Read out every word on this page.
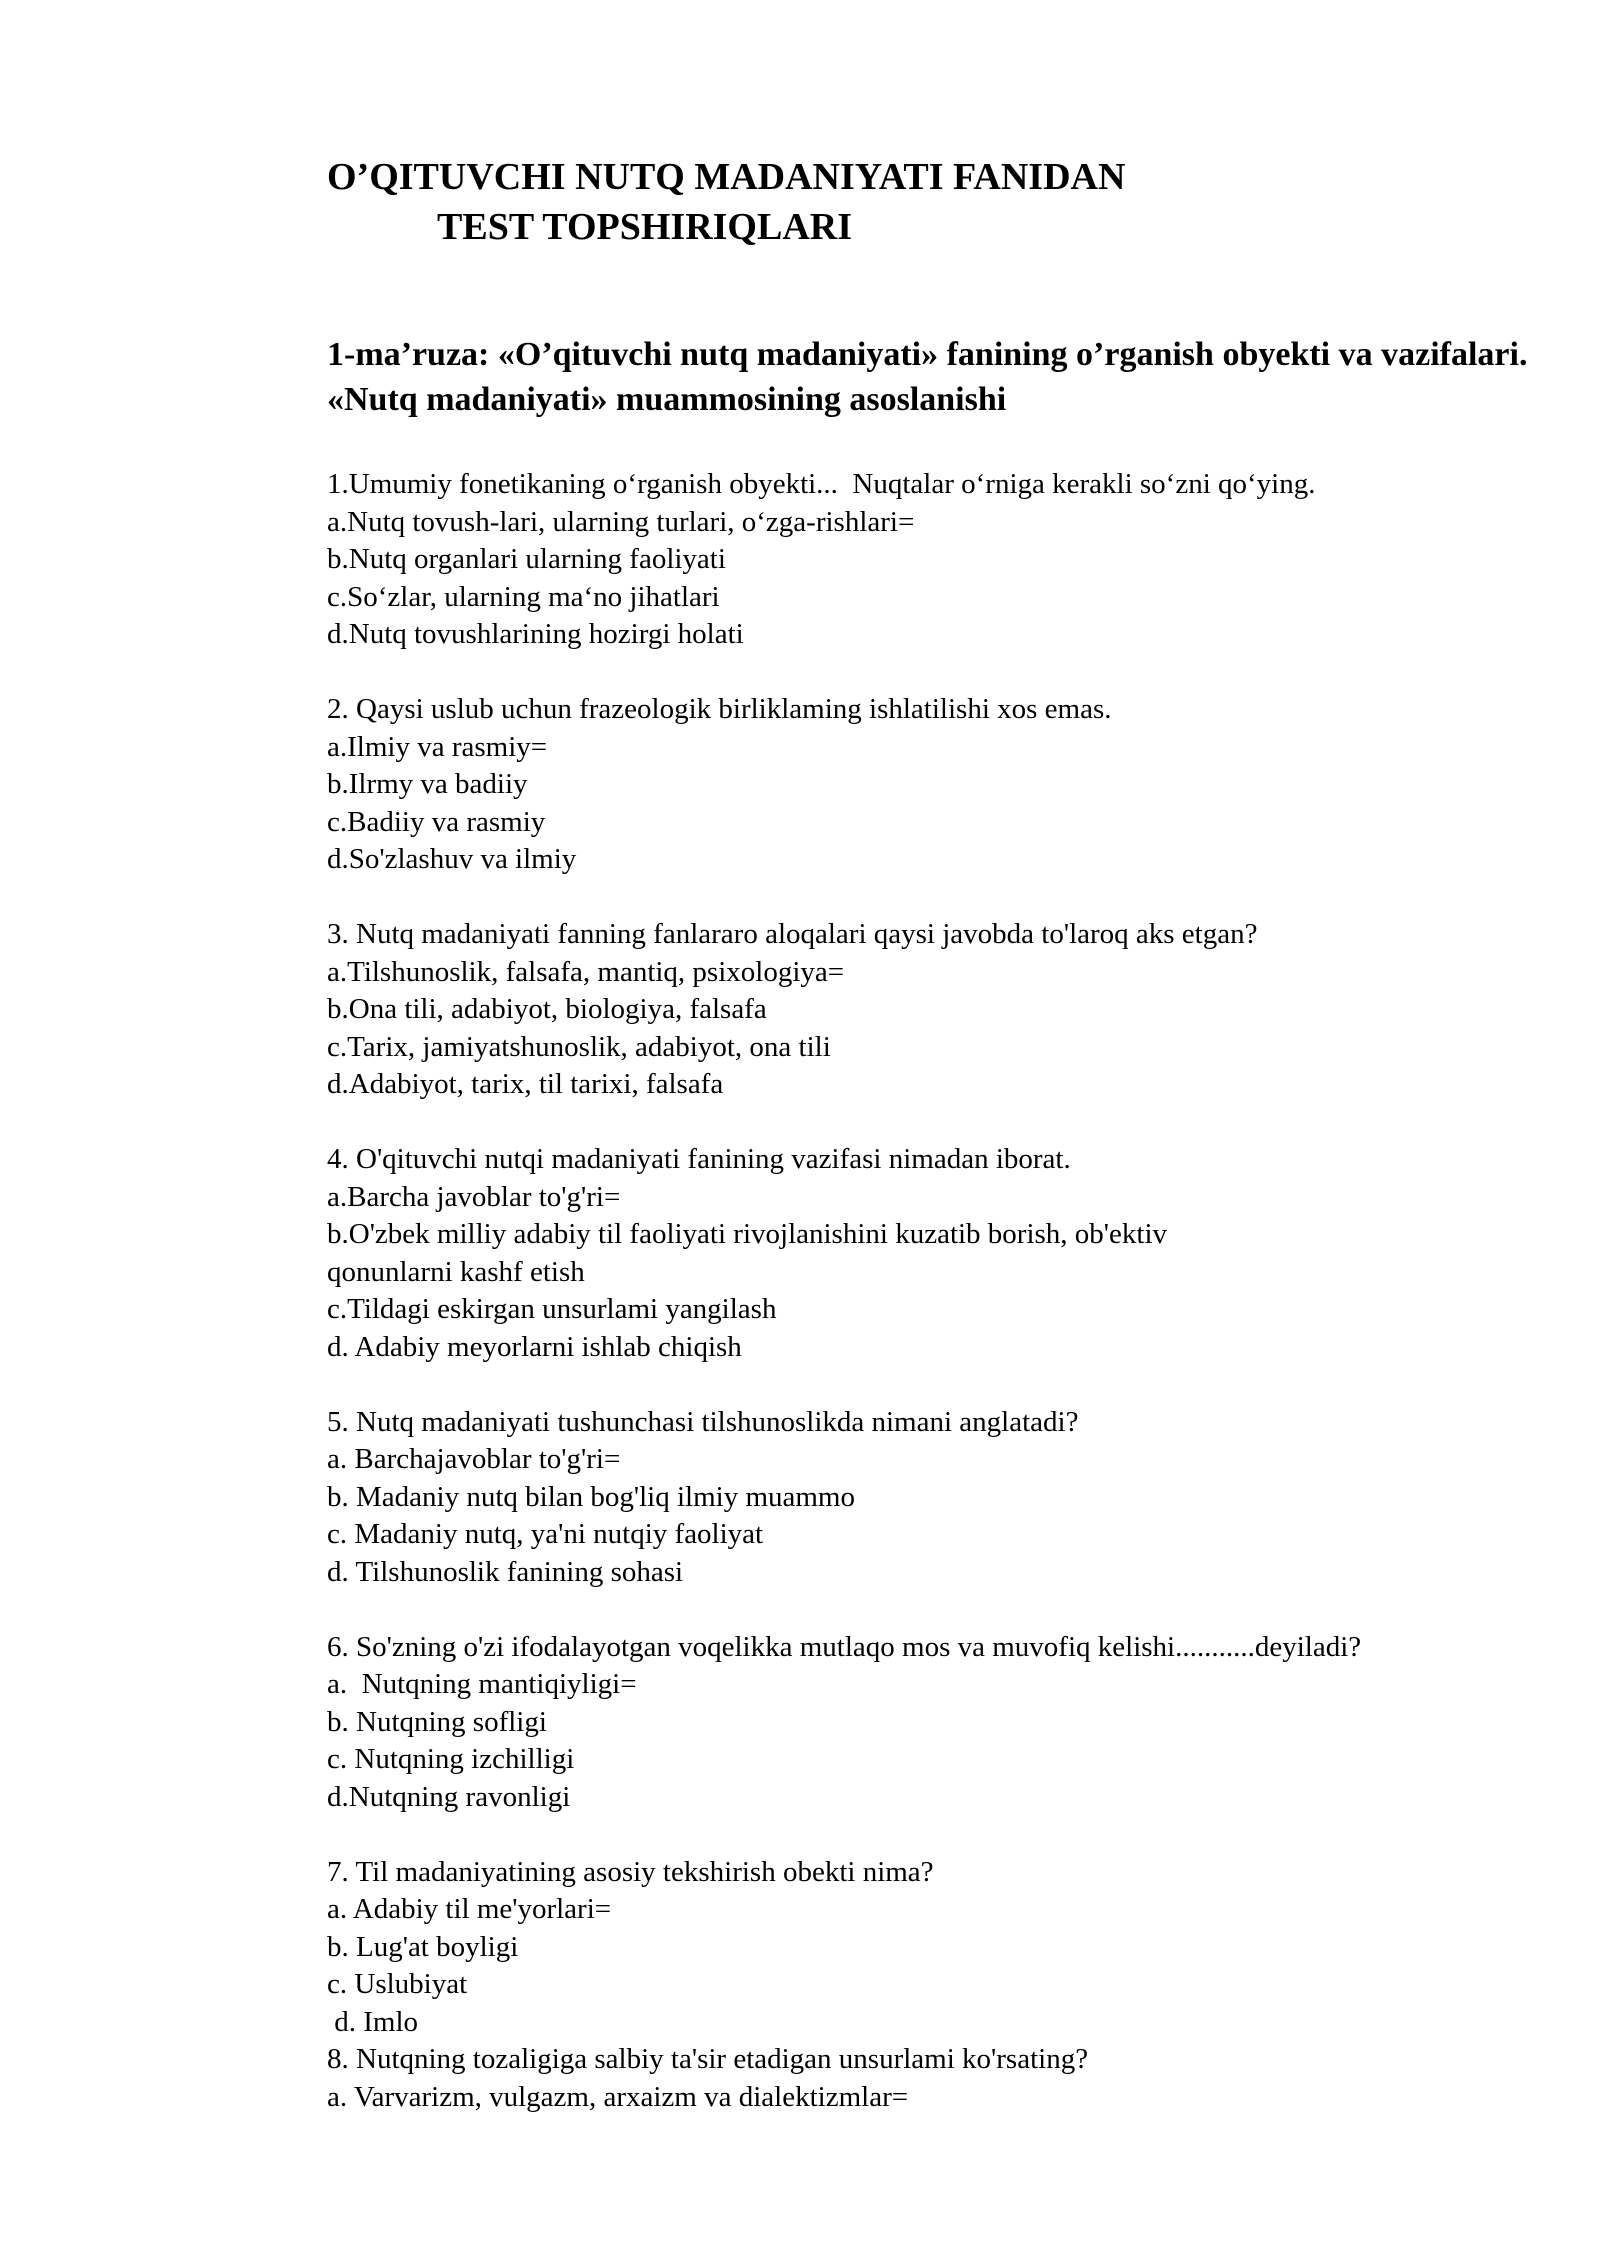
O’QITUVCHI NUTQ MADANIYATI FANIDAN
TEST TOPSHIRIQLARI
1-ma’ruza: «O’qituvchi nutq madaniyati» fanining o’rganish obyekti va vazifalari. «Nutq madaniyati» muammosining asoslanishi
1.Umumiy fonetikaning o‘rganish obyekti...  Nuqtalar o‘rniga kerakli so‘zni qo‘ying.
a.Nutq tovush-lari, ularning turlari, o‘zga-rishlari=
b.Nutq organlari ularning faoliyati
c.So‘zlar, ularning ma‘no jihatlari
d.Nutq tovushlarining hozirgi holati
2. Qaysi uslub uchun frazeologik birliklaming ishlatilishi xos emas.
a.Ilmiy va rasmiy=
b.Ilrmy va badiiy
c.Badiiy va rasmiy
d.So'zlashuv va ilmiy
3. Nutq madaniyati fanning fanlararo aloqalari qaysi javobda to'laroq aks etgan?
a.Tilshunoslik, falsafa, mantiq, psixologiya=
b.Ona tili, adabiyot, biologiya, falsafa
c.Tarix, jamiyatshunoslik, adabiyot, ona tili
d.Adabiyot, tarix, til tarixi, falsafa
4. O'qituvchi nutqi madaniyati fanining vazifasi nimadan iborat.
a.Barcha javoblar to'g'ri=
b.O'zbek milliy adabiy til faoliyati rivojlanishini kuzatib borish, ob'ektiv
qonunlarni kashf etish
c.Tildagi eskirgan unsurlami yangilash
d. Adabiy meyorlarni ishlab chiqish
5. Nutq madaniyati tushunchasi tilshunoslikda nimani anglatadi?
a. Barchajavoblar to'g'ri=
b. Madaniy nutq bilan bog'liq ilmiy muammo
c. Madaniy nutq, ya'ni nutqiy faoliyat
d. Tilshunoslik fanining sohasi
6. So'zning o'zi ifodalayotgan voqelikka mutlaqo mos va muvofiq kelishi...........deyiladi?
a.  Nutqning mantiqiyligi=
b. Nutqning sofligi
c. Nutqning izchilligi
d.Nutqning ravonligi
7. Til madaniyatining asosiy tekshirish obekti nima?
a. Adabiy til me'yorlari=
b. Lug'at boyligi
c. Uslubiyat
d. Imlo
8. Nutqning tozaligiga salbiy ta'sir etadigan unsurlami ko'rsating?
a. Varvarizm, vulgazm, arxaizm va dialektizmlar=
